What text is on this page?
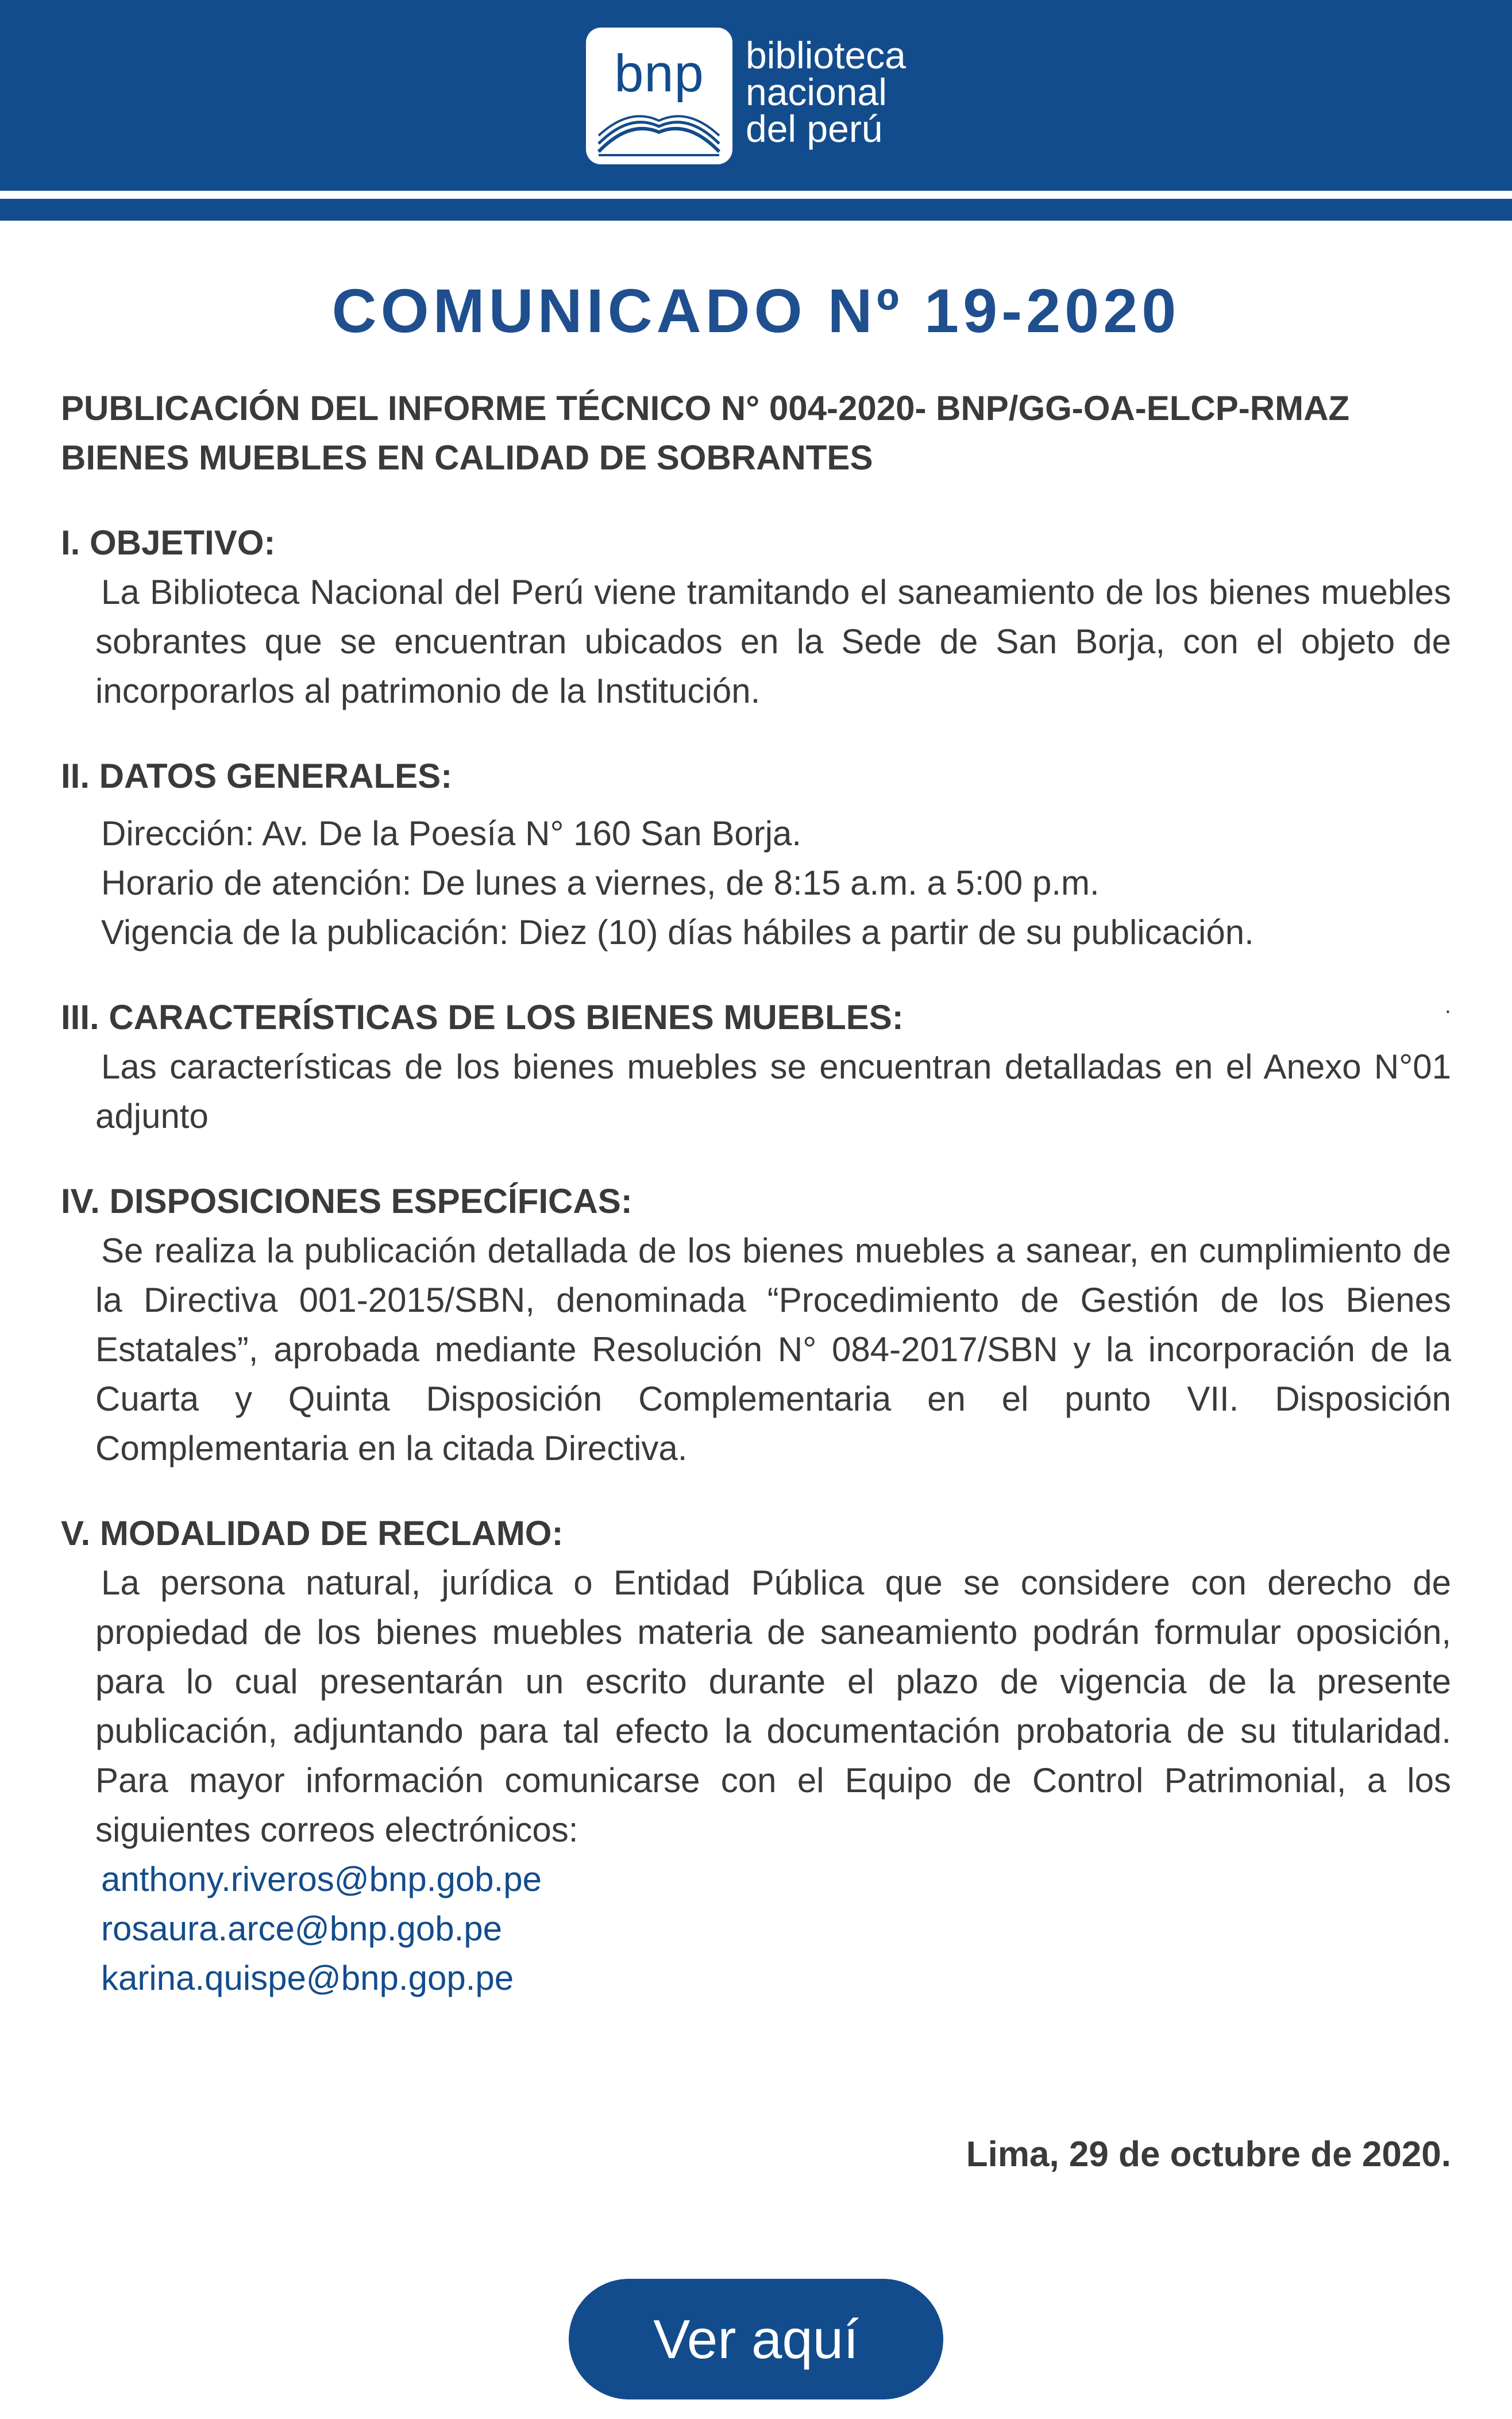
bnp	biblioteca
nacional
del perú
COMUNICADO Nº 19-2020

PUBLICACIÓN DEL INFORME TÉCNICO N° 004-2020- BNP/GG-OA-ELCP-RMAZ

BIENES MUEBLES EN CALIDAD DE SOBRANTES

I. OBJETIVO:

La Biblioteca Nacional del Perú viene tramitando el saneamiento de los bienes muebles sobrantes que se encuentran ubicados en la Sede de San Borja, con el objeto de incorporarlos al patrimonio de la Institución.

II. DATOS GENERALES:

Dirección: Av. De la Poesía N° 160 San Borja.

Horario de atención: De lunes a viernes, de 8:15 a.m. a 5:00 p.m.

Vigencia de la publicación: Diez (10) días hábiles a partir de su publicación.

III. CARACTERÍSTICAS DE LOS BIENES MUEBLES:	.

Las características de los bienes muebles se encuentran detalladas en el Anexo N°01 adjunto

IV. DISPOSICIONES ESPECÍFICAS:

Se realiza la publicación detallada de los bienes muebles a sanear, en cumplimiento de la Directiva 001-2015/SBN, denominada “Procedimiento de Gestión de los Bienes Estatales”, aprobada mediante Resolución N° 084-2017/SBN y la incorporación de la Cuarta y Quinta Disposición Complementaria en el punto VII. Disposición Complementaria en la citada Directiva.

V. MODALIDAD DE RECLAMO:

La persona natural, jurídica o Entidad Pública que se considere con derecho de propiedad de los bienes muebles materia de saneamiento podrán formular oposición, para lo cual presentarán un escrito durante el plazo de vigencia de la presente publicación, adjuntando para tal efecto la documentación probatoria de su titularidad. Para mayor información comunicarse con el Equipo de Control Patrimonial, a los siguientes correos electrónicos:

anthony.riveros@bnp.gob.pe
rosaura.arce@bnp.gob.pe
karina.quispe@bnp.gop.pe
Lima, 29 de octubre de 2020.
Ver aquí
